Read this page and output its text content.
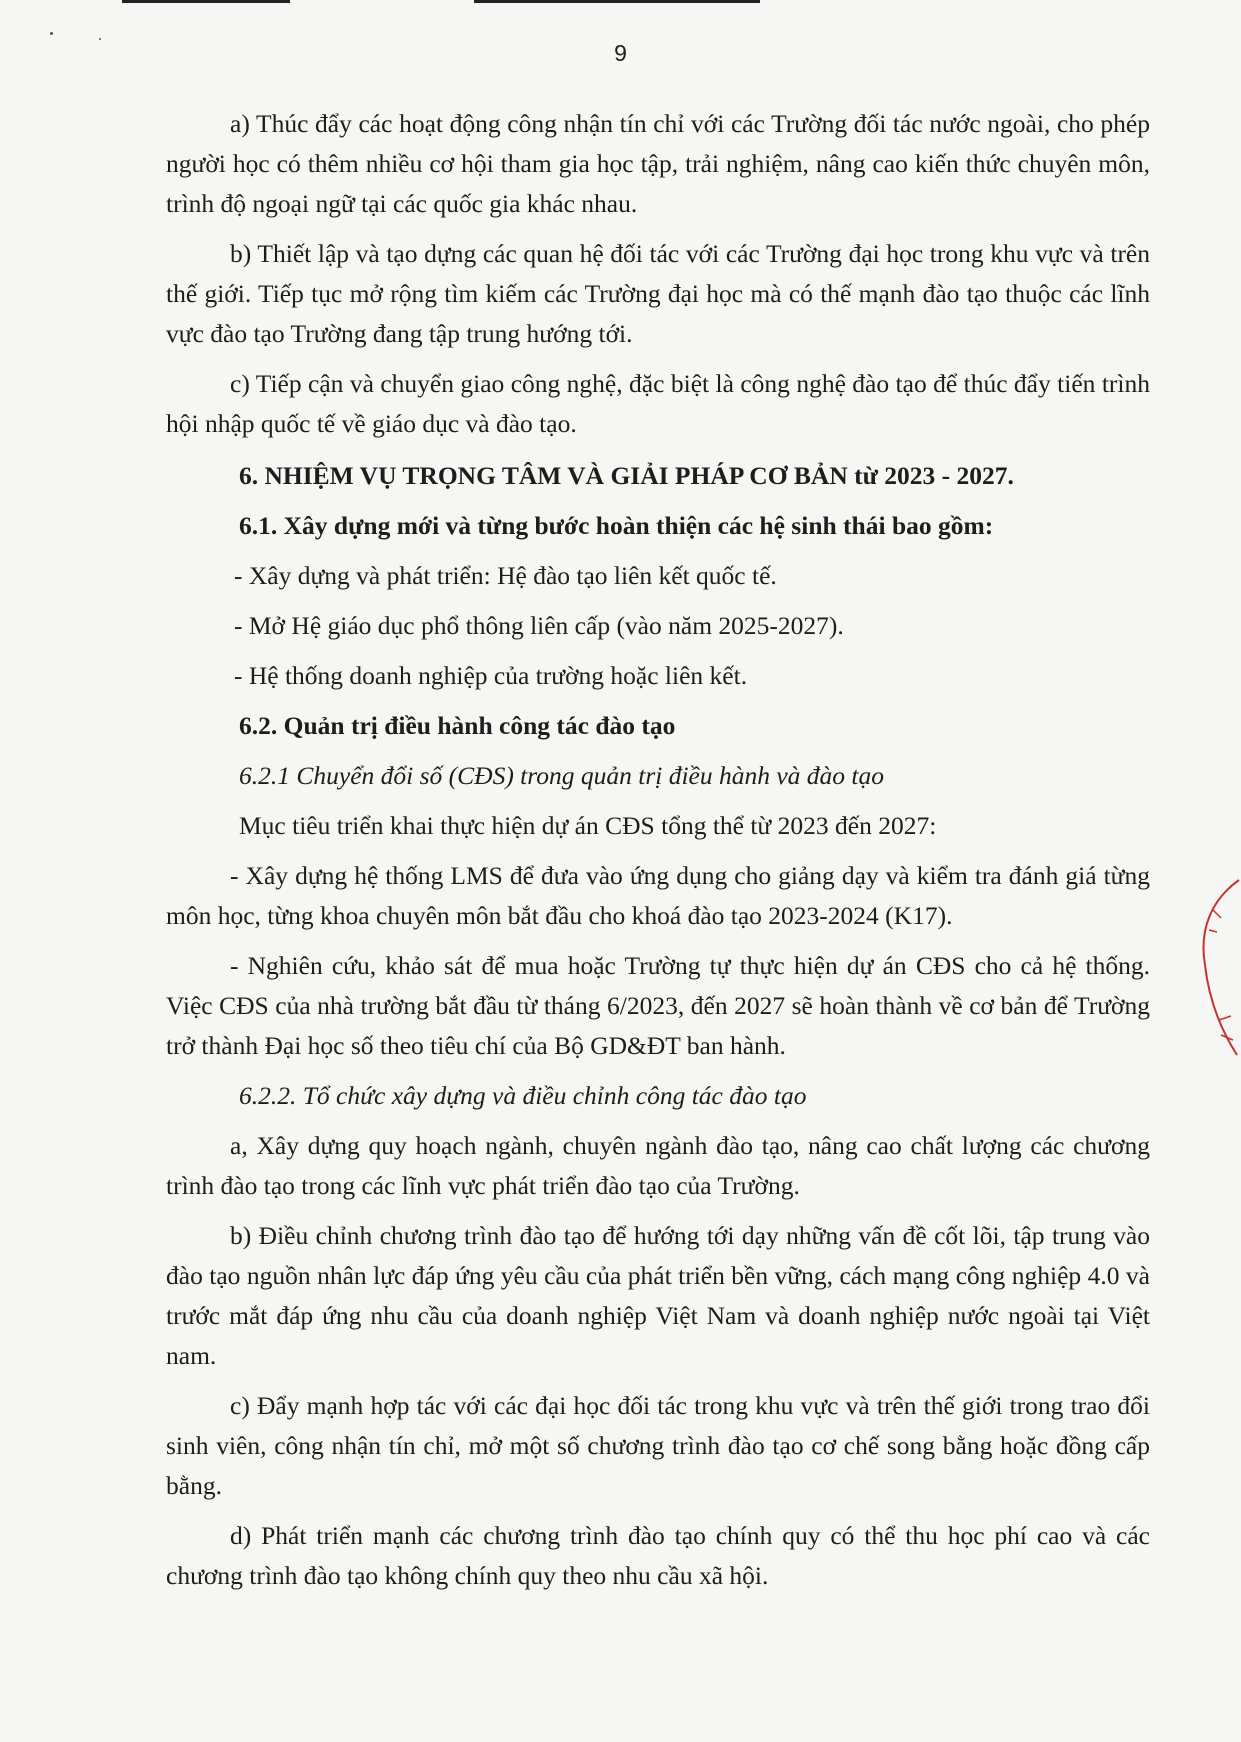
9

a) Thúc đẩy các hoạt động công nhận tín chỉ với các Trường đối tác nước ngoài, cho phép người học có thêm nhiều cơ hội tham gia học tập, trải nghiệm, nâng cao kiến thức chuyên môn, trình độ ngoại ngữ tại các quốc gia khác nhau.

b) Thiết lập và tạo dựng các quan hệ đối tác với các Trường đại học trong khu vực và trên thế giới. Tiếp tục mở rộng tìm kiếm các Trường đại học mà có thế mạnh đào tạo thuộc các lĩnh vực đào tạo Trường đang tập trung hướng tới.

c) Tiếp cận và chuyển giao công nghệ, đặc biệt là công nghệ đào tạo để thúc đẩy tiến trình hội nhập quốc tế về giáo dục và đào tạo.

6. NHIỆM VỤ TRỌNG TÂM VÀ GIẢI PHÁP CƠ BẢN từ 2023 - 2027.

6.1. Xây dựng mới và từng bước hoàn thiện các hệ sinh thái bao gồm:

- Xây dựng và phát triển: Hệ đào tạo liên kết quốc tế.

- Mở Hệ giáo dục phổ thông liên cấp (vào năm 2025-2027).

- Hệ thống doanh nghiệp của trường hoặc liên kết.

6.2. Quản trị điều hành công tác đào tạo

6.2.1 Chuyển đổi số (CĐS) trong quản trị điều hành và đào tạo

Mục tiêu triển khai thực hiện dự án CĐS tổng thể từ 2023 đến 2027:

- Xây dựng hệ thống LMS để đưa vào ứng dụng cho giảng dạy và kiểm tra đánh giá từng môn học, từng khoa chuyên môn bắt đầu cho khoá đào tạo 2023-2024 (K17).

- Nghiên cứu, khảo sát để mua hoặc Trường tự thực hiện dự án CĐS cho cả hệ thống. Việc CĐS của nhà trường bắt đầu từ tháng 6/2023, đến 2027 sẽ hoàn thành về cơ bản để Trường trở thành Đại học số theo tiêu chí của Bộ GD&ĐT ban hành.

6.2.2. Tổ chức xây dựng và điều chỉnh công tác đào tạo

a, Xây dựng quy hoạch ngành, chuyên ngành đào tạo, nâng cao chất lượng các chương trình đào tạo trong các lĩnh vực phát triển đào tạo của Trường.

b) Điều chỉnh chương trình đào tạo để hướng tới dạy những vấn đề cốt lõi, tập trung vào đào tạo nguồn nhân lực đáp ứng yêu cầu của phát triển bền vững, cách mạng công nghiệp 4.0 và trước mắt đáp ứng nhu cầu của doanh nghiệp Việt Nam và doanh nghiệp nước ngoài tại Việt nam.

c) Đẩy mạnh hợp tác với các đại học đối tác trong khu vực và trên thế giới trong trao đổi sinh viên, công nhận tín chỉ, mở một số chương trình đào tạo cơ chế song bằng hoặc đồng cấp bằng.

d) Phát triển mạnh các chương trình đào tạo chính quy có thể thu học phí cao và các chương trình đào tạo không chính quy theo nhu cầu xã hội.
